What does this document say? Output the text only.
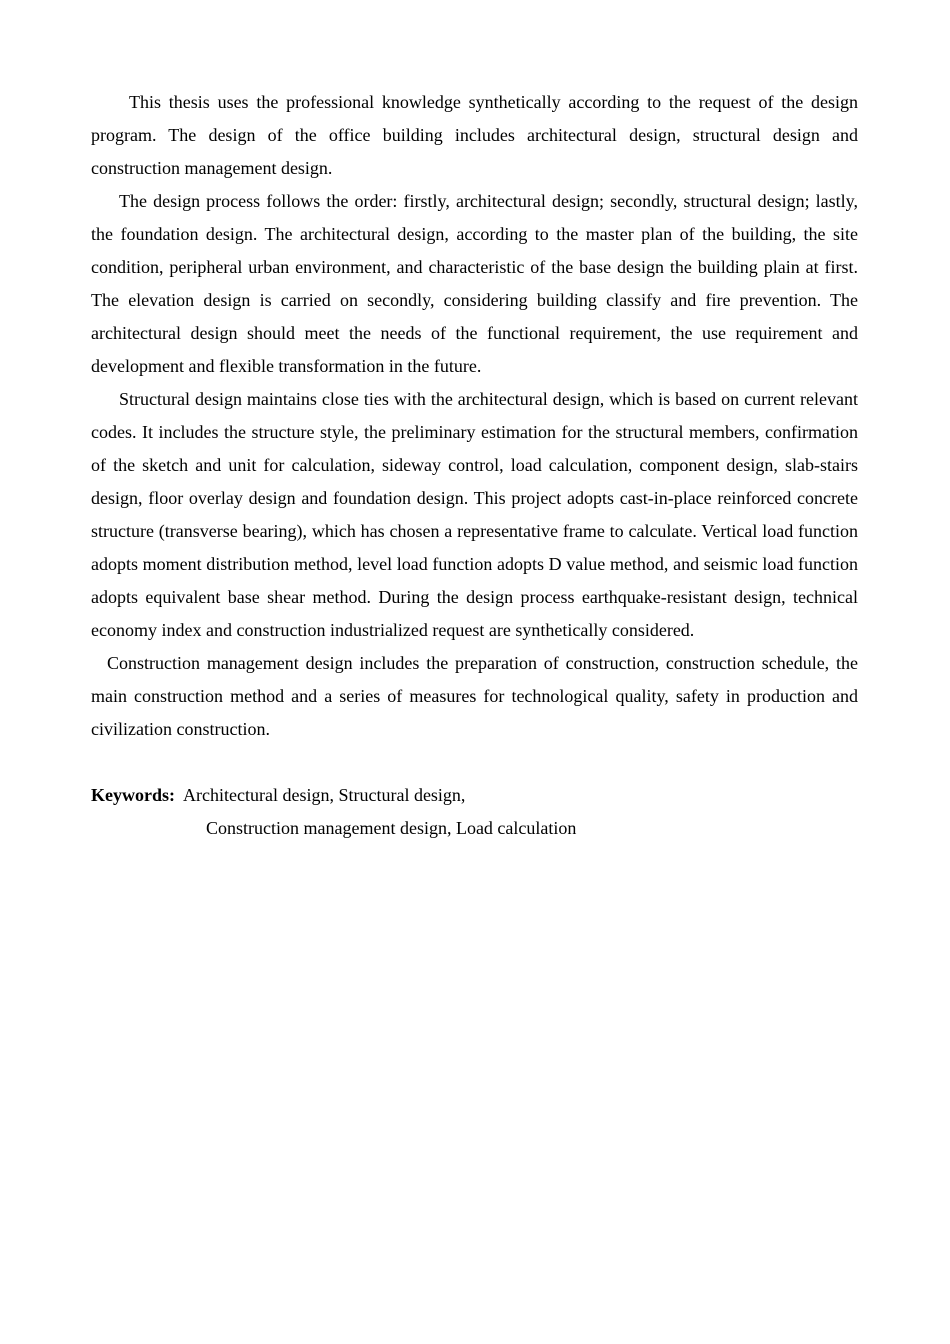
This thesis uses the professional knowledge synthetically according to the request of the design program. The design of the office building includes architectural design, structural design and construction management design.

The design process follows the order: firstly, architectural design; secondly, structural design; lastly, the foundation design. The architectural design, according to the master plan of the building, the site condition, peripheral urban environment, and characteristic of the base design the building plain at first. The elevation design is carried on secondly, considering building classify and fire prevention. The architectural design should meet the needs of the functional requirement, the use requirement and development and flexible transformation in the future.

Structural design maintains close ties with the architectural design, which is based on current relevant codes. It includes the structure style, the preliminary estimation for the structural members, confirmation of the sketch and unit for calculation, sideway control, load calculation, component design, slab-stairs design, floor overlay design and foundation design. This project adopts cast-in-place reinforced concrete structure (transverse bearing), which has chosen a representative frame to calculate. Vertical load function adopts moment distribution method, level load function adopts D value method, and seismic load function adopts equivalent base shear method. During the design process earthquake-resistant design, technical economy index and construction industrialized request are synthetically considered.

Construction management design includes the preparation of construction, construction schedule, the main construction method and a series of measures for technological quality, safety in production and civilization construction.

Keywords: Architectural design, Structural design,
Construction management design, Load calculation
